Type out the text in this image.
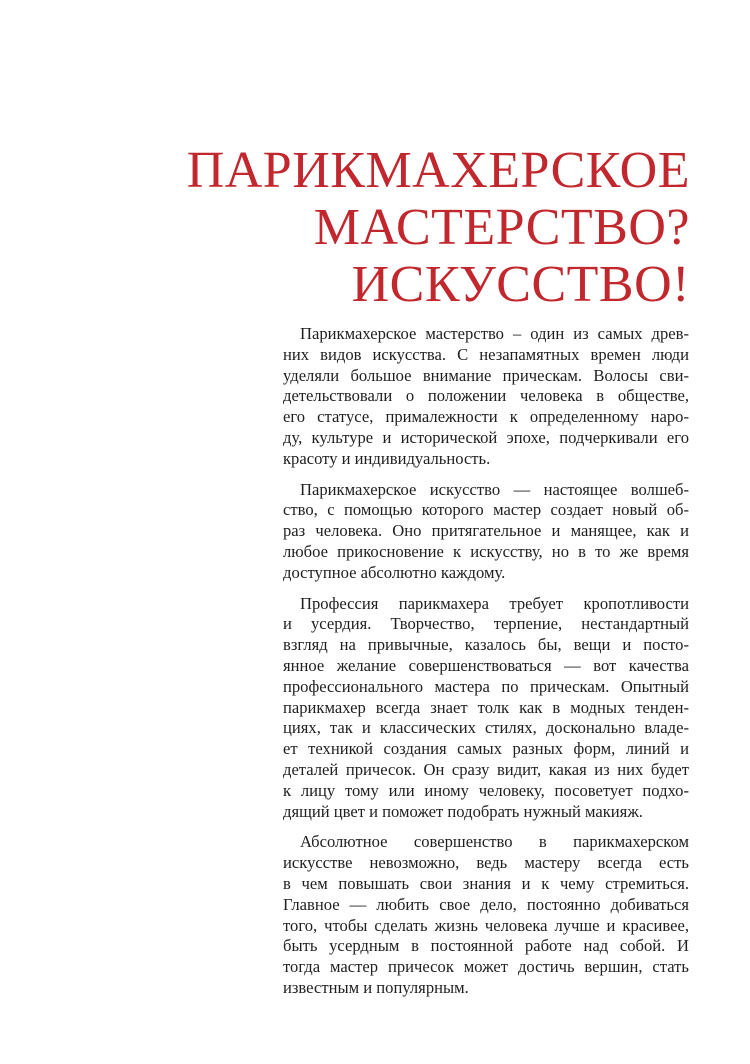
ПАРИКМАХЕРСКОЕ
МАСТЕРСТВО?
ИСКУССТВО!

Парикмахерское мастерство – один из самых древ-
них видов искусства. С незапамятных времен люди
уделяли большое внимание прическам. Волосы сви-
детельствовали о положении человека в обществе,
его статусе, прималежности к определенному наро-
ду, культуре и исторической эпохе, подчеркивали его
красоту и индивидуальность.

Парикмахерское искусство — настоящее волшеб-
ство, с помощью которого мастер создает новый об-
раз человека. Оно притягательное и манящее, как и
любое прикосновение к искусству, но в то же время
доступное абсолютно каждому.

Профессия парикмахера требует кропотливости
и усердия. Творчество, терпение, нестандартный
взгляд на привычные, казалось бы, вещи и посто-
янное желание совершенствоваться — вот качества
профессионального мастера по прическам. Опытный
парикмахер всегда знает толк как в модных тенден-
циях, так и классических стилях, досконально владе-
ет техникой создания самых разных форм, линий и
деталей причесок. Он сразу видит, какая из них будет
к лицу тому или иному человеку, посоветует подхо-
дящий цвет и поможет подобрать нужный макияж.

Абсолютное совершенство в парикмахерском
искусстве невозможно, ведь мастеру всегда есть
в чем повышать свои знания и к чему стремиться.
Главное — любить свое дело, постоянно добиваться
того, чтобы сделать жизнь человека лучше и красивее,
быть усердным в постоянной работе над собой. И
тогда мастер причесок может достичь вершин, стать
известным и популярным.
